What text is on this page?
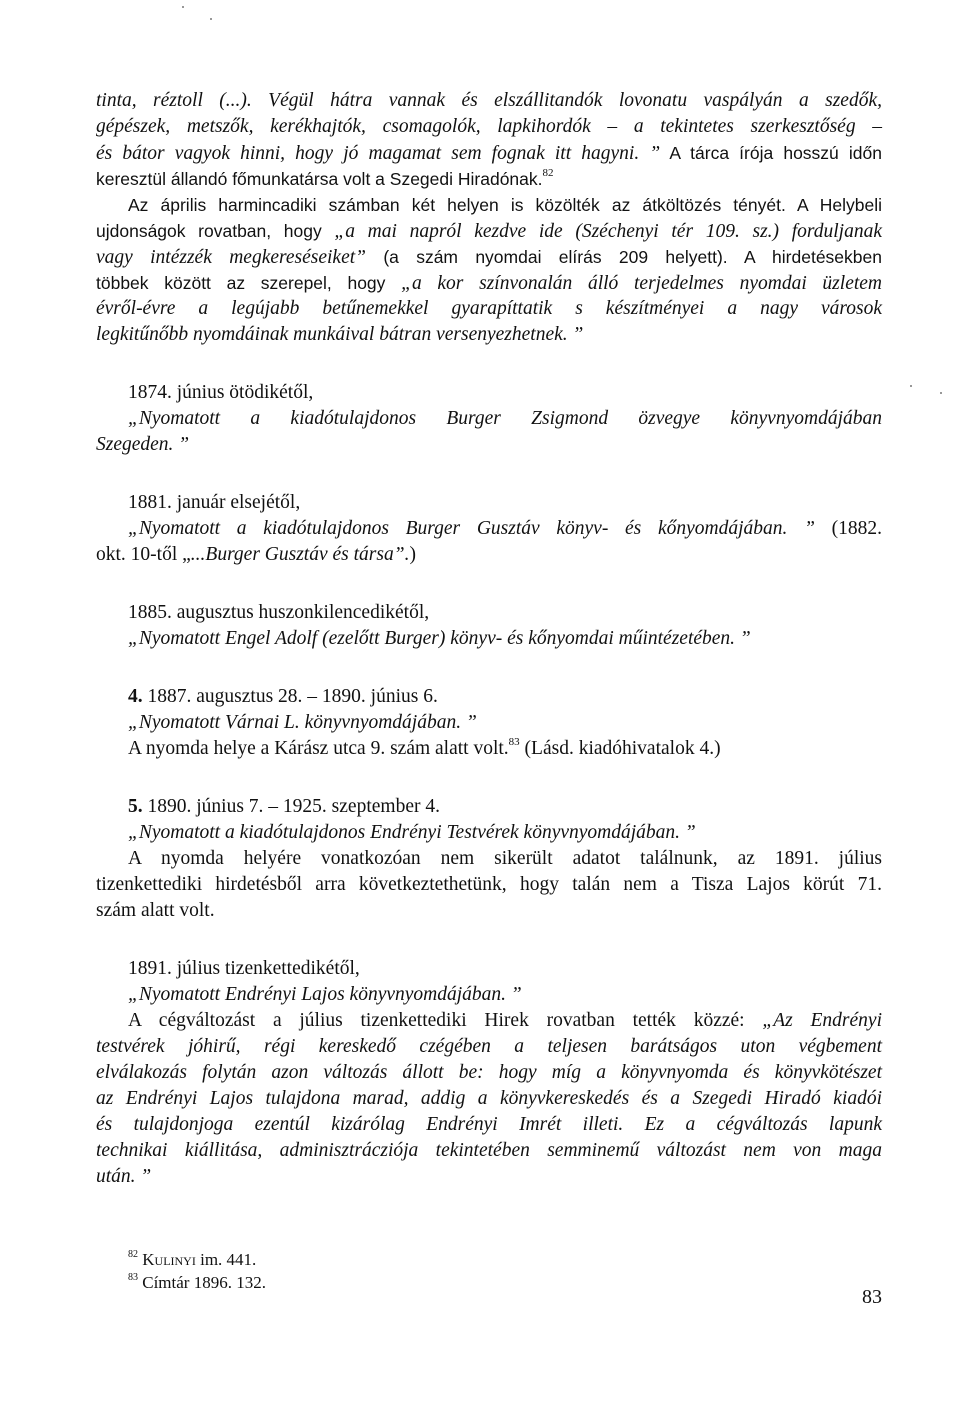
tinta, réztoll (...). Végül hátra vannak és elszállitandók lovonatu vaspályán a szedők,
gépészek, metszők, kerékhajtók, csomagolók, lapkihordók – a tekintetes szerkesztőség –
és bátor vagyok hinni, hogy jó magamat sem fognak itt hagyni. ” A tárca írója hosszú időn
keresztül állandó főmunkatársa volt a Szegedi Hiradónak.$^{82}$
Az április harmincadiki számban két helyen is közölték az átköltözés tényét. A Helybeli
ujdonságok rovatban, hogy „a mai napról kezdve ide (Széchenyi tér 109. sz.) forduljanak
vagy intézzék megkereséseiket” (a szám nyomdai elírás 209 helyett). A hirdetésekben
többek között az szerepel, hogy „a kor színvonalán álló terjedelmes nyomdai üzletem
évről-évre a legújabb betűnemekkel gyarapíttatik s készítményei a nagy városok
legkitűnőbb nyomdáinak munkáival bátran versenyezhetnek. ”
1874. június ötödikétől,
„Nyomatott a kiadótulajdonos Burger Zsigmond özvegye könyvnyomdájában
Szegeden. ”
1881. január elsejétől,
„Nyomatott a kiadótulajdonos Burger Gusztáv könyv- és kőnyomdájában. ” (1882.
okt. 10-től „...Burger Gusztáv és társa”.)
1885. augusztus huszonkilencedikétől,
„Nyomatott Engel Adolf (ezelőtt Burger) könyv- és kőnyomdai műintézetében. ”
4. 1887. augusztus 28. – 1890. június 6.
„Nyomatott Várnai L. könyvnyomdájában. ”
A nyomda helye a Kárász utca 9. szám alatt volt.$^{83}$ (Lásd. kiadóhivatalok 4.)
5. 1890. június 7. – 1925. szeptember 4.
„Nyomatott a kiadótulajdonos Endrényi Testvérek könyvnyomdájában. ”
A nyomda helyére vonatkozóan nem sikerült adatot találnunk, az 1891. július
tizenkettediki hirdetésből arra következtethetünk, hogy talán nem a Tisza Lajos körút 71.
szám alatt volt.
1891. július tizenkettedikétől,
„Nyomatott Endrényi Lajos könyvnyomdájában. ”
A cégváltozást a július tizenkettediki Hirek rovatban tették közzé: „Az Endrényi
testvérek jóhirű, régi kereskedő czégében a teljesen barátságos uton végbement
elválakozás folytán azon változás állott be: hogy míg a könyvnyomda és könyvkötészet
az Endrényi Lajos tulajdona marad, addig a könyvkereskedés és a Szegedi Hiradó kiadói
és tulajdonjoga ezentúl kizárólag Endrényi Imrét illeti. Ez a cégváltozás lapunk
technikai kiállitása, adminisztrácziója tekintetében semminemű változást nem von maga
után. ”
$^{82}$ Kulinyi im. 441.
$^{83}$ Címtár 1896. 132.
83
